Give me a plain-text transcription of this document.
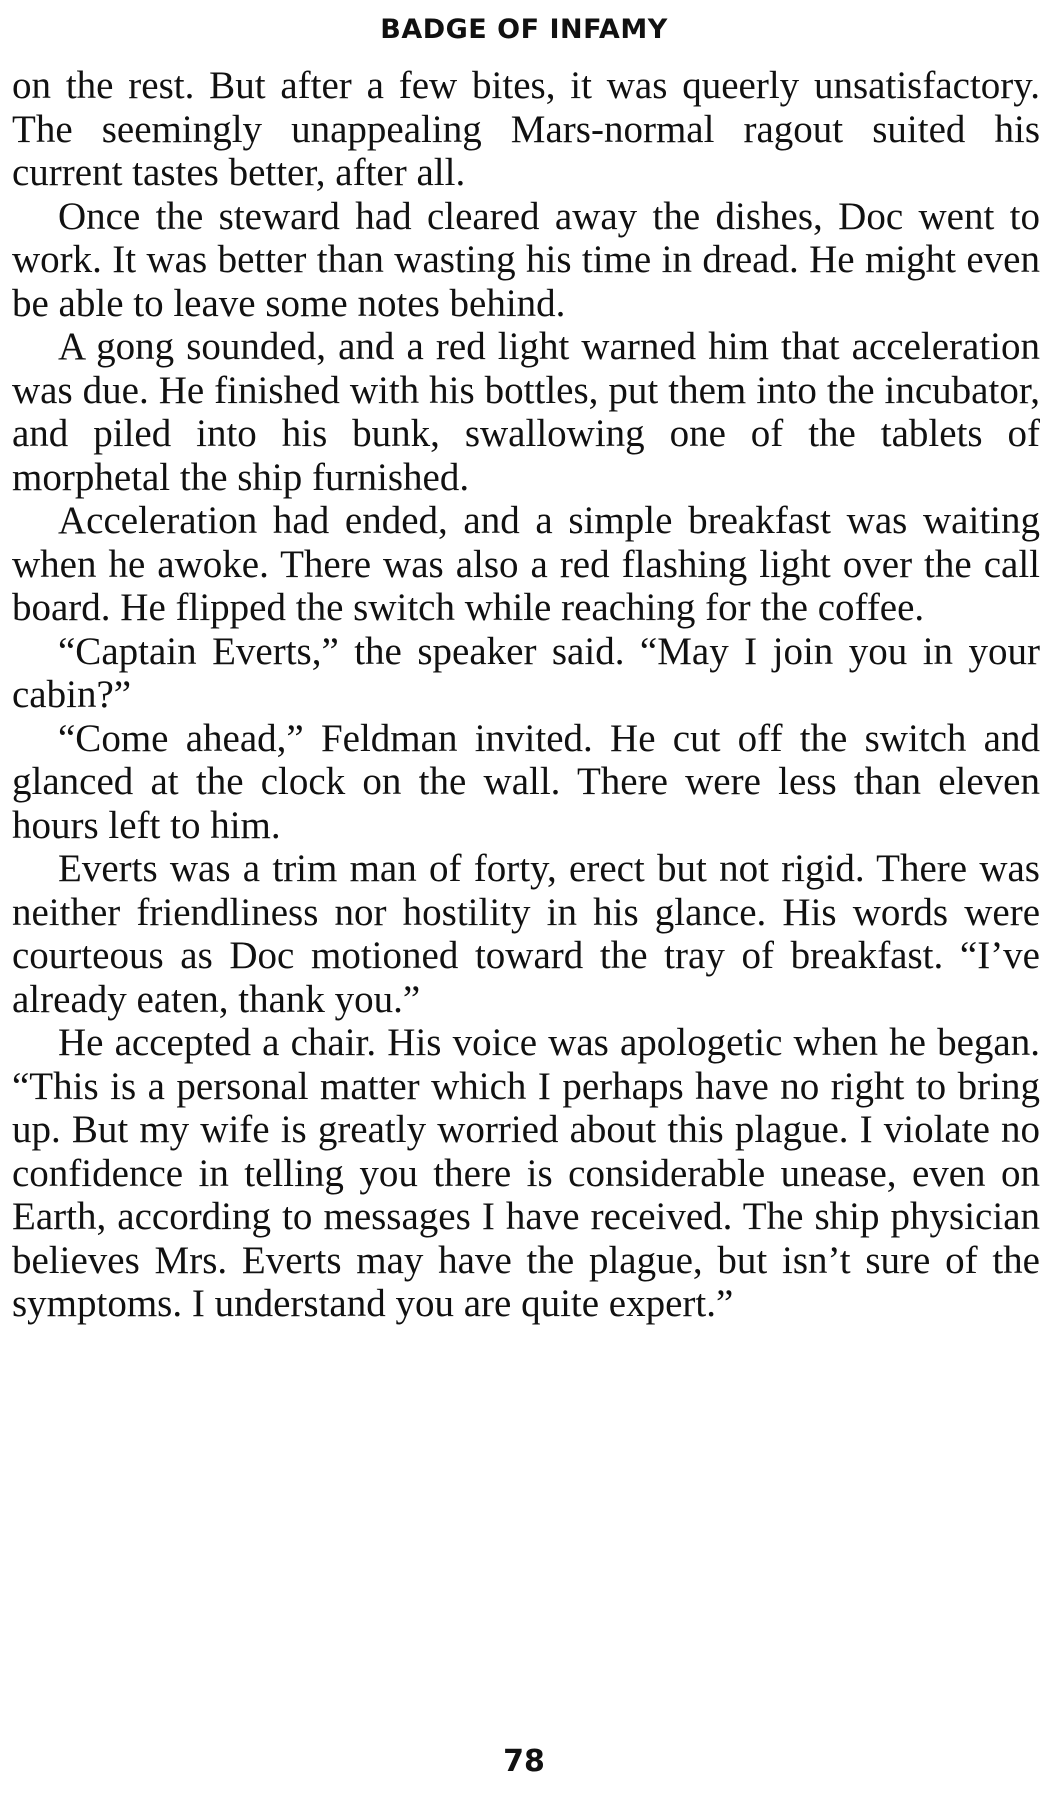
BADGE OF INFAMY

on the rest. But after a few bites, it was queerly unsatisfactory. The seemingly unappealing Mars-normal ragout suited his current tastes better, after all.

Once the steward had cleared away the dishes, Doc went to work. It was better than wasting his time in dread. He might even be able to leave some notes behind.

A gong sounded, and a red light warned him that acceleration was due. He finished with his bottles, put them into the incubator, and piled into his bunk, swallowing one of the tablets of morphetal the ship furnished.

Acceleration had ended, and a simple breakfast was waiting when he awoke. There was also a red flashing light over the call board. He flipped the switch while reaching for the coffee.

“Captain Everts,” the speaker said. “May I join you in your cabin?”

“Come ahead,” Feldman invited. He cut off the switch and glanced at the clock on the wall. There were less than eleven hours left to him.

Everts was a trim man of forty, erect but not rigid. There was neither friendliness nor hostility in his glance. His words were courteous as Doc motioned toward the tray of breakfast. “I’ve already eaten, thank you.”

He accepted a chair. His voice was apologetic when he began. “This is a personal matter which I perhaps have no right to bring up. But my wife is greatly worried about this plague. I violate no confidence in telling you there is considerable unease, even on Earth, according to messages I have received. The ship physician believes Mrs. Everts may have the plague, but isn’t sure of the symptoms. I understand you are quite expert.”

78
